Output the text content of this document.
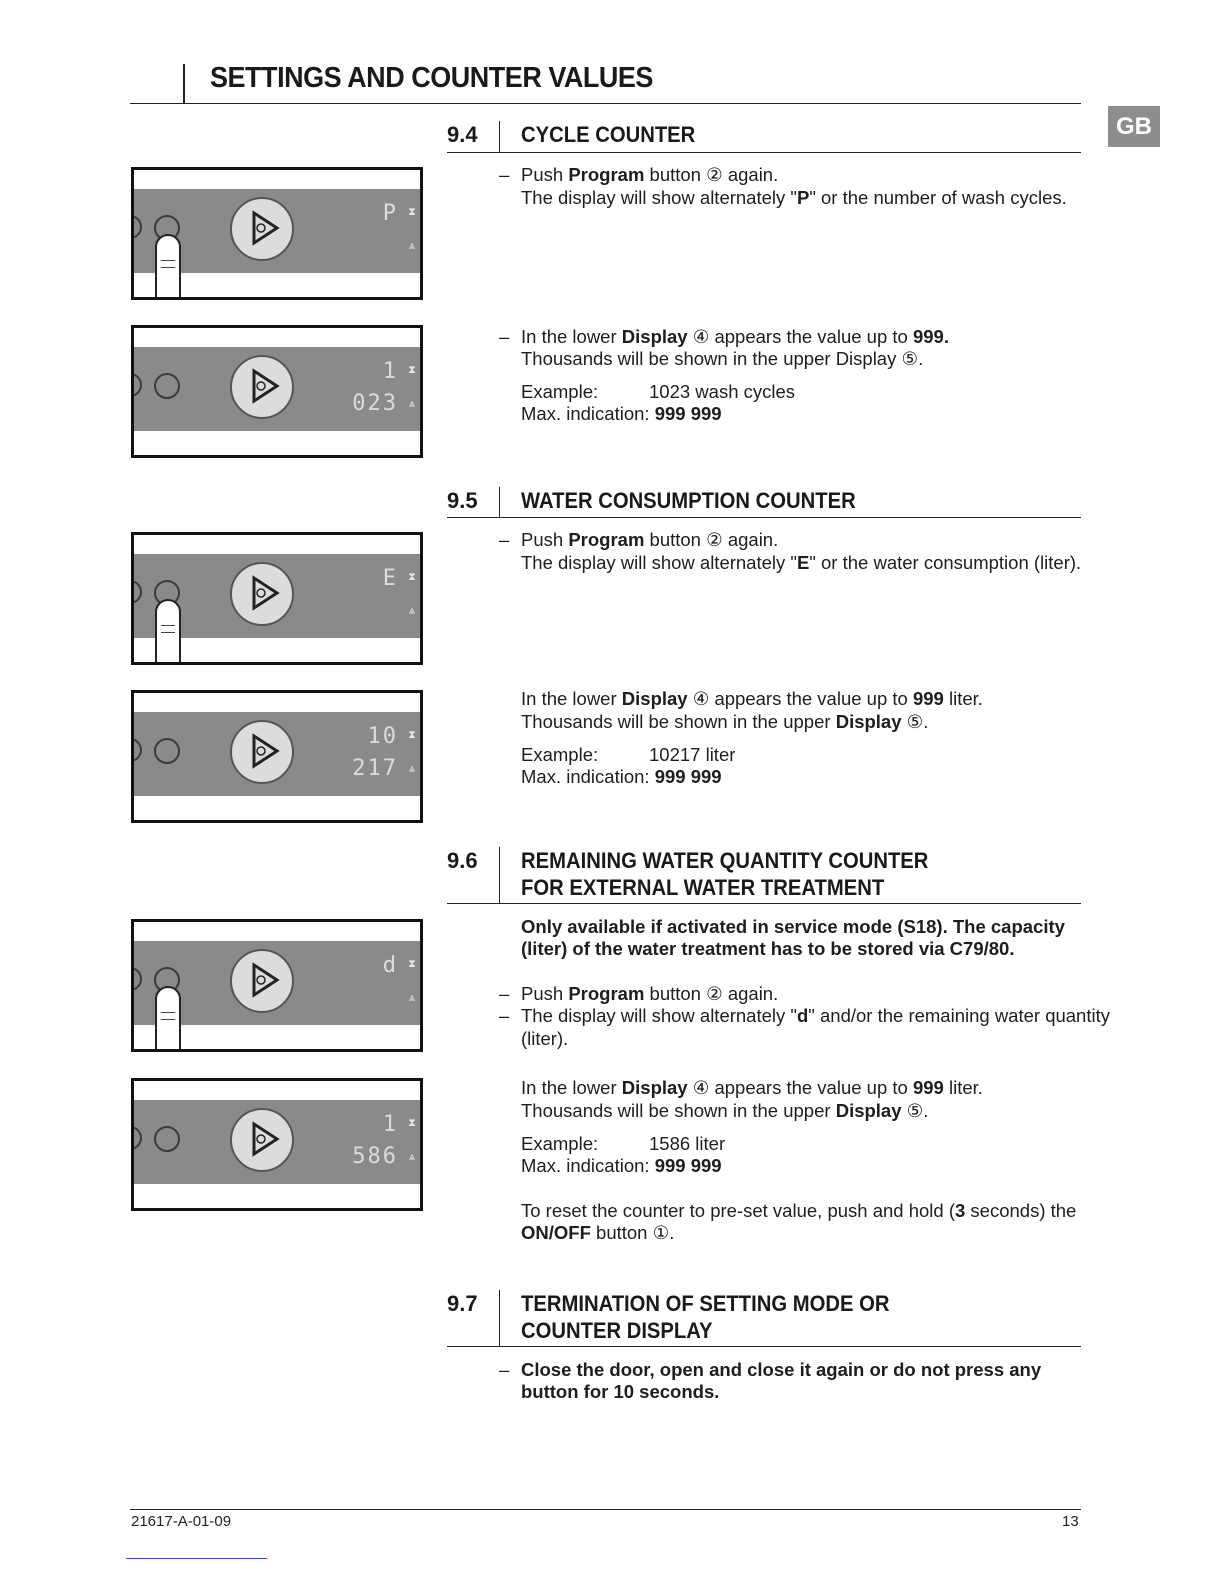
SETTINGS AND COUNTER VALUES
GB
9.4 CYCLE COUNTER
– Push Program button ② again.
The display will show alternately "P" or the number of wash cycles.
– In the lower Display ④ appears the value up to 999.
Thousands will be shown in the upper Display ⑤.
Example:	1023 wash cycles
Max. indication: 999 999
9.5 WATER CONSUMPTION COUNTER
– Push Program button ② again.
The display will show alternately "E" or the water consumption (liter).
In the lower Display ④ appears the value up to 999 liter.
Thousands will be shown in the upper Display ⑤.
Example:	10217 liter
Max. indication: 999 999
9.6 REMAINING WATER QUANTITY COUNTER
FOR EXTERNAL WATER TREATMENT
Only available if activated in service mode (S18). The capacity
(liter) of the water treatment has to be stored via C79/80.
– Push Program button ② again.
– The display will show alternately "d" and/or the remaining water quantity
(liter).
In the lower Display ④ appears the value up to 999 liter.
Thousands will be shown in the upper Display ⑤.
Example:	1586 liter
Max. indication: 999 999
To reset the counter to pre-set value, push and hold (3 seconds) the
ON/OFF button ①.
9.7 TERMINATION OF SETTING MODE OR
COUNTER DISPLAY
– Close the door, open and close it again or do not press any
button for 10 seconds.
P ⧗
⩓
1
023
⧗
⩓
E ⧗
⩓
10
217
⧗
⩓
d ⧗
⩓
1
586
⧗
⩓
21617-A-01-09	13
